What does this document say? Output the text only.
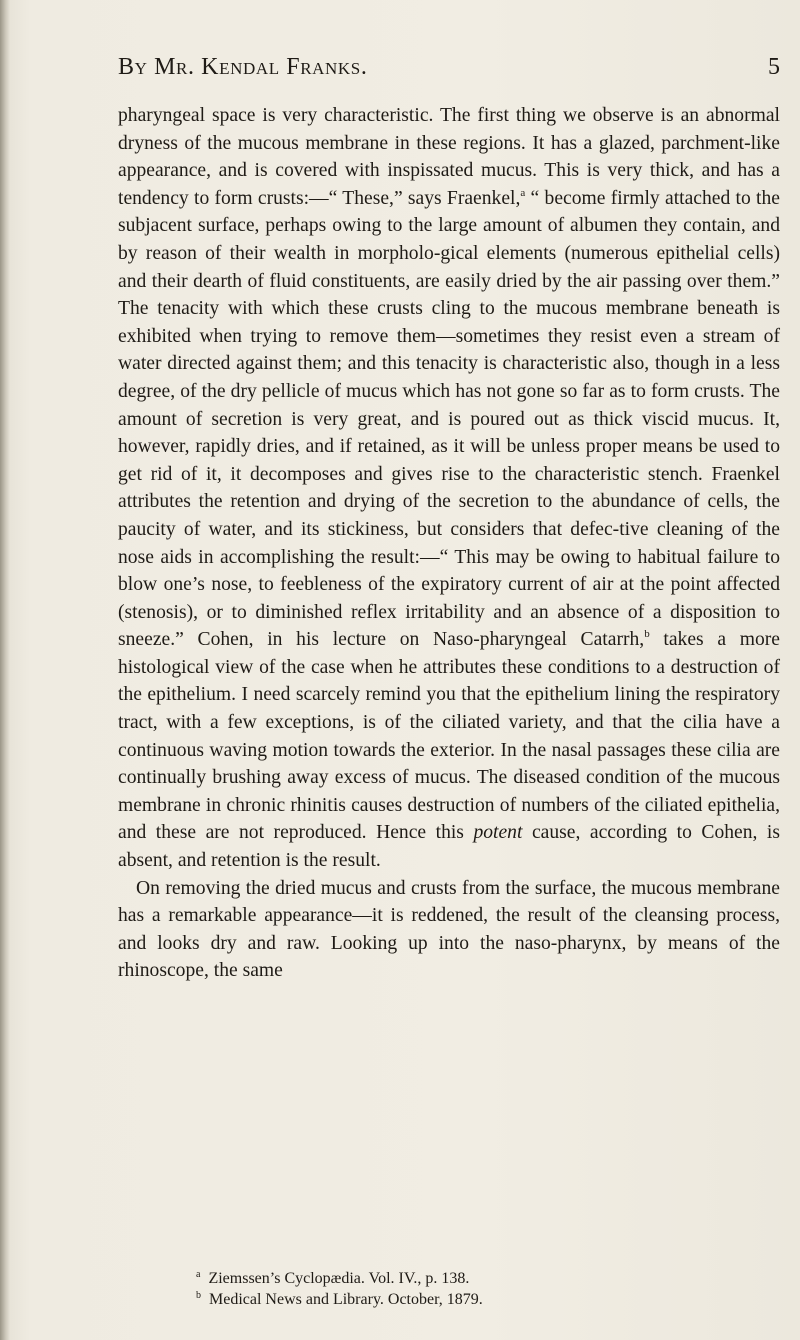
By Mr. Kendal Franks.	5

pharyngeal space is very characteristic. The first thing we observe is an abnormal dryness of the mucous membrane in these regions. It has a glazed, parchment-like appearance, and is covered with inspissated mucus. This is very thick, and has a tendency to form crusts:—“ These,” says Fraenkel,$^a$ “ become firmly attached to the subjacent surface, perhaps owing to the large amount of albumen they contain, and by reason of their wealth in morpholo-gical elements (numerous epithelial cells) and their dearth of fluid constituents, are easily dried by the air passing over them.” The tenacity with which these crusts cling to the mucous membrane beneath is exhibited when trying to remove them—sometimes they resist even a stream of water directed against them; and this tenacity is characteristic also, though in a less degree, of the dry pellicle of mucus which has not gone so far as to form crusts. The amount of secretion is very great, and is poured out as thick viscid mucus. It, however, rapidly dries, and if retained, as it will be unless proper means be used to get rid of it, it decomposes and gives rise to the characteristic stench. Fraenkel attributes the retention and drying of the secretion to the abundance of cells, the paucity of water, and its stickiness, but considers that defec-tive cleaning of the nose aids in accomplishing the result:—“ This may be owing to habitual failure to blow one’s nose, to feebleness of the expiratory current of air at the point affected (stenosis), or to diminished reflex irritability and an absence of a disposition to sneeze.” Cohen, in his lecture on Naso-pharyngeal Catarrh,$^b$ takes a more histological view of the case when he attributes these conditions to a destruction of the epithelium. I need scarcely remind you that the epithelium lining the respiratory tract, with a few exceptions, is of the ciliated variety, and that the cilia have a continuous waving motion towards the exterior. In the nasal passages these cilia are continually brushing away excess of mucus. The diseased condition of the mucous membrane in chronic rhinitis causes destruction of numbers of the ciliated epithelia, and these are not reproduced. Hence this potent cause, according to Cohen, is absent, and retention is the result.

On removing the dried mucus and crusts from the surface, the mucous membrane has a remarkable appearance—it is reddened, the result of the cleansing process, and looks dry and raw. Looking up into the naso-pharynx, by means of the rhinoscope, the same

$^a$ Ziemssen’s Cyclopædia. Vol. IV., p. 138.

$^b$ Medical News and Library. October, 1879.
